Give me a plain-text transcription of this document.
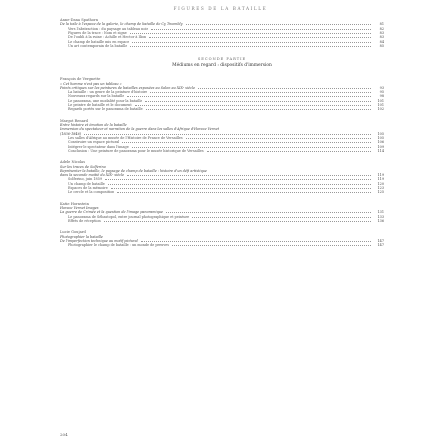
FIGURES DE LA BATAILLE
Anne-Dana Spathorn
De la toile à l'espace de la galerie, le champ de bataille de Cy Twombly	81
Vers l'abstraction : du paysage au tableau noir	82
Figures de la trace : Nom et signe	83
De l'oubli à la ruine : Achille et Hector à Ilion	83
Le champ de bataille mis en espace	84
Un art contemporain de la bataille	85
SECONDE PARTIE
Médiums en regard : dispositifs d'immersion
François de Vergnette
« Cet homme n'est pas un tableau »
Points critiques sur les peintures de batailles exposées au Salon au XIXᵉ siècle	93
La bataille : un genre de la peinture d'histoire	95
Nouveaux regards sur la bataille	98
Le panorama, une modalité pour la bataille	101
Le peintre de bataille et le document	101
Regards portés sur le panorama de bataille	102
Margot Renard
Entre histoire et émotion de la bataille
Immersion du spectateur et narration de la guerre dans les salles d'Afrique d'Horace Vernet
(1836-1846)	105
Les salles d'Afrique au musée de l'Histoire de France de Versailles	105
Construire un espace pictural	106
Intégrer le spectateur dans l'image	109
Conclusion : Une peinture de panorama pour le musée historique de Versailles	114
Adele Nicolas
Sur les traces de Solferino
Représenter la bataille, le paysage de champ de bataille : histoire d'un défi artistique
dans la seconde moitié du XIXᵉ siècle	119
Solferino, juin 1859	119
Un champ de bataille	120
Espaces de la mémoire	123
Le cercle et la composition	125
Katie Hornstein
Horace Vernet Images
La guerre de Crimée et la question de l'image panoramique	131
Le panorama de Sébastopol, entre journal photographique et peinture	133
Effets de réception	136
Lucie Goujard
Photographier la bataille
De l'imperfection technique au motif pictural	147
Photographier le champ de bataille : un monde de preuves	147
204
